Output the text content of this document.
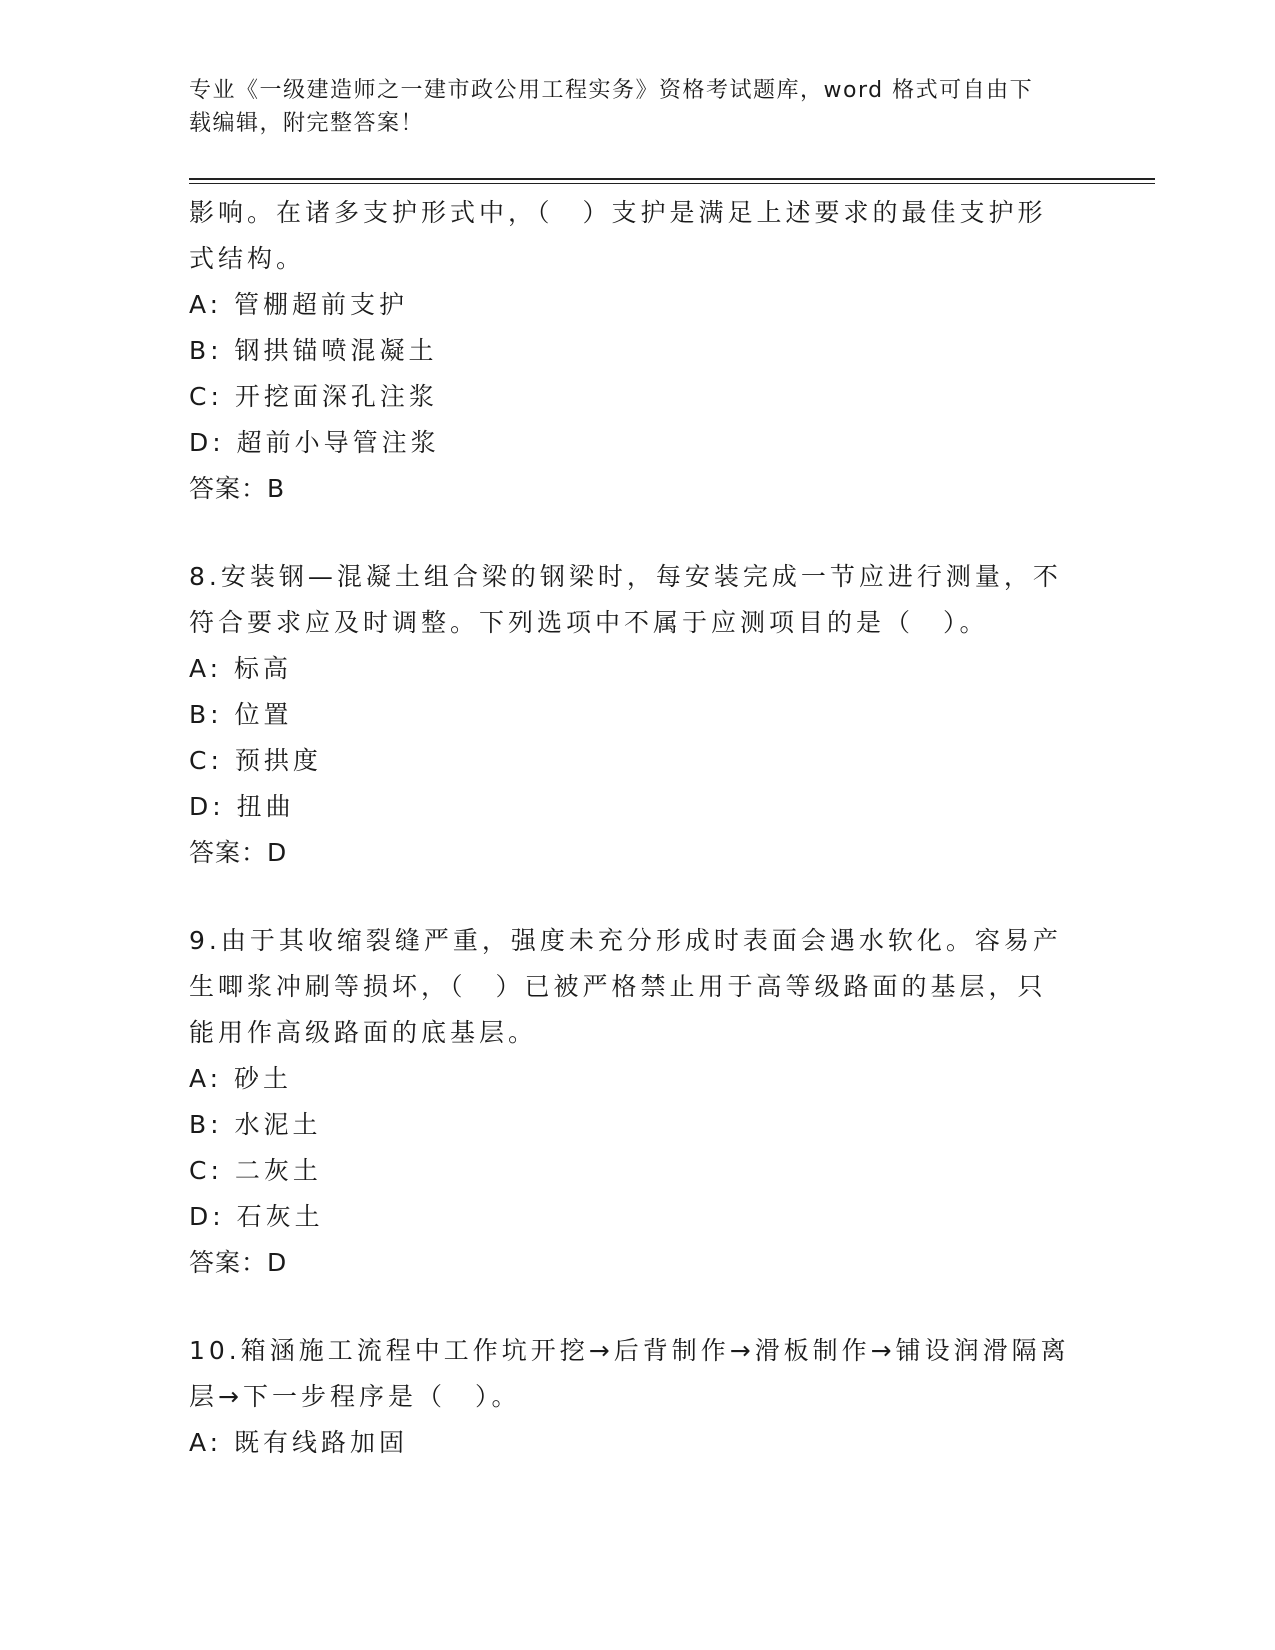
专业《一级建造师之一建市政公用工程实务》资格考试题库，word 格式可自由下
载编辑，附完整答案！
影响。在诸多支护形式中，（　）支护是满足上述要求的最佳支护形
式结构。
A: 管棚超前支护
B: 钢拱锚喷混凝土
C: 开挖面深孔注浆
D: 超前小导管注浆
答案：B
8.安装钢—混凝土组合梁的钢梁时，每安装完成一节应进行测量，不
符合要求应及时调整。下列选项中不属于应测项目的是（　）。
A: 标高
B: 位置
C: 预拱度
D: 扭曲
答案：D
9.由于其收缩裂缝严重，强度未充分形成时表面会遇水软化。容易产
生唧浆冲刷等损坏，（　）已被严格禁止用于高等级路面的基层，只
能用作高级路面的底基层。
A: 砂土
B: 水泥土
C: 二灰土
D: 石灰土
答案：D
10.箱涵施工流程中工作坑开挖→后背制作→滑板制作→铺设润滑隔离
层→下一步程序是（　）。
A: 既有线路加固
